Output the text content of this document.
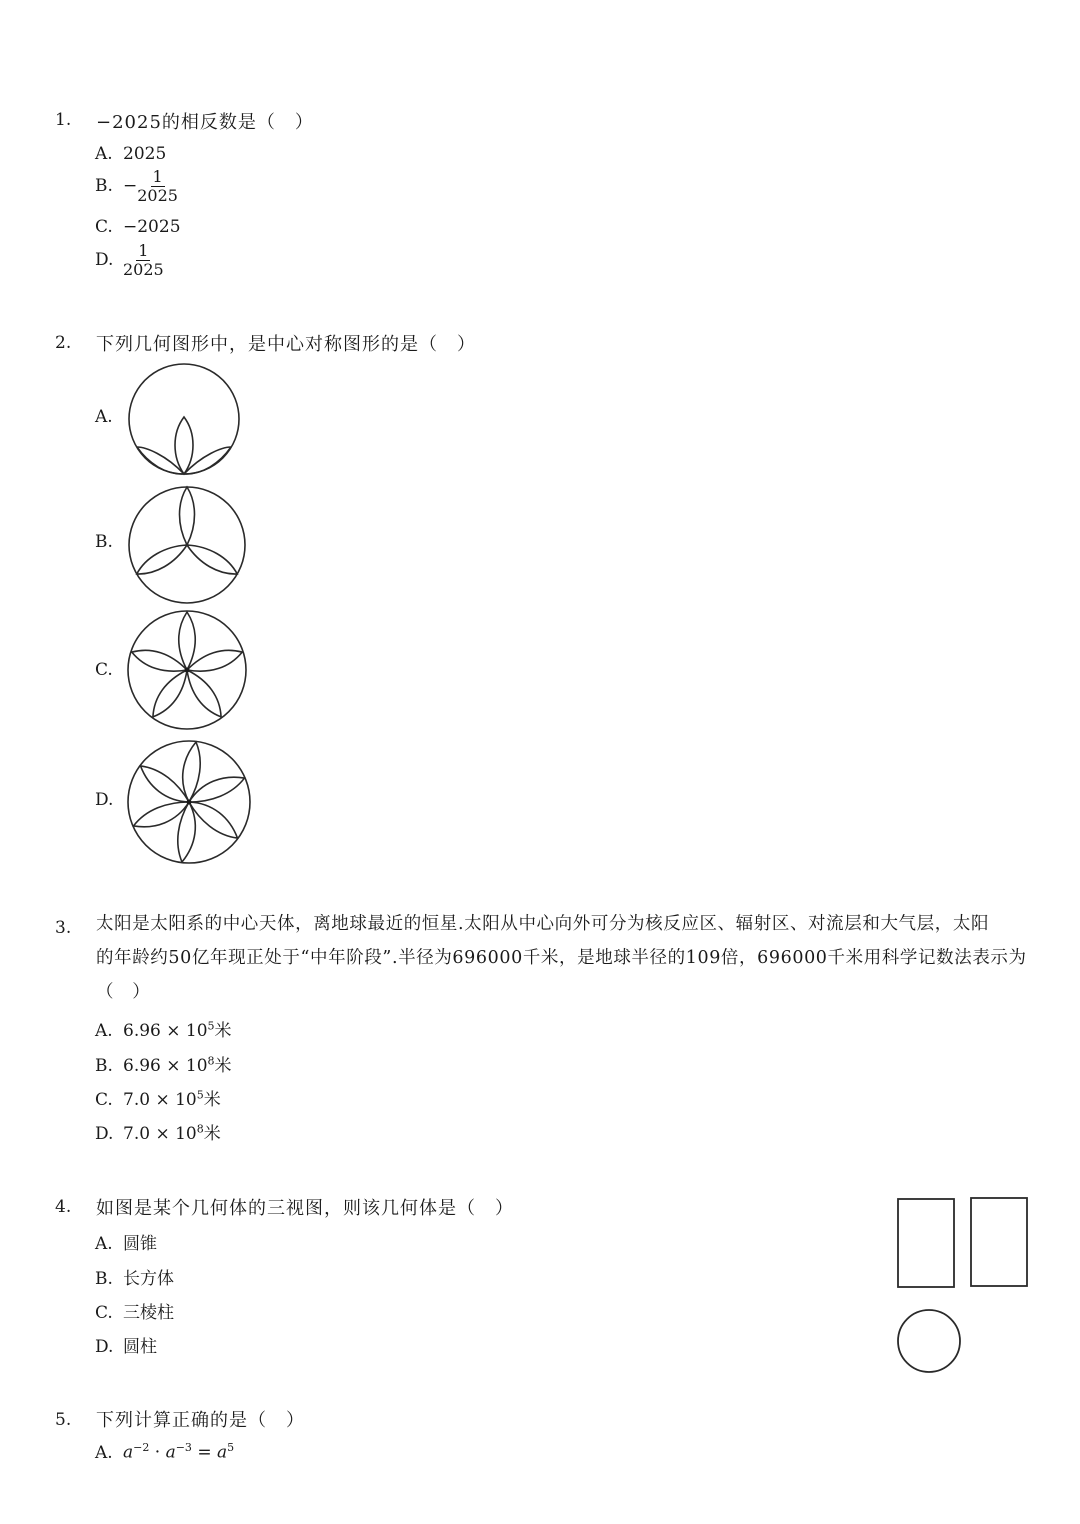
1. −2025的相反数是（　）
A. 2025
B. − $\frac{1}{2025}$
C. −2025
D. $\frac{1}{2025}$
2. 下列几何图形中，是中心对称图形的是（　）
A.
B.
C.
D.
3. 太阳是太阳系的中心天体，离地球最近的恒星.太阳从中心向外可分为核反应区、辐射区、对流层和大气层，太阳
的年龄约50亿年现正处于“中年阶段”.半径为696000千米，是地球半径的109倍，696000千米用科学记数法表示为
（　）
A. $6.96 \times 10^5$米
B. $6.96 \times 10^8$米
C. $7.0 \times 10^5$米
D. $7.0 \times 10^8$米
4. 如图是某个几何体的三视图，则该几何体是（　）
A. 圆锥
B. 长方体
C. 三棱柱
D. 圆柱
5. 下列计算正确的是（　）
A. $a^{-2} \cdot a^{-3} = a^5$
